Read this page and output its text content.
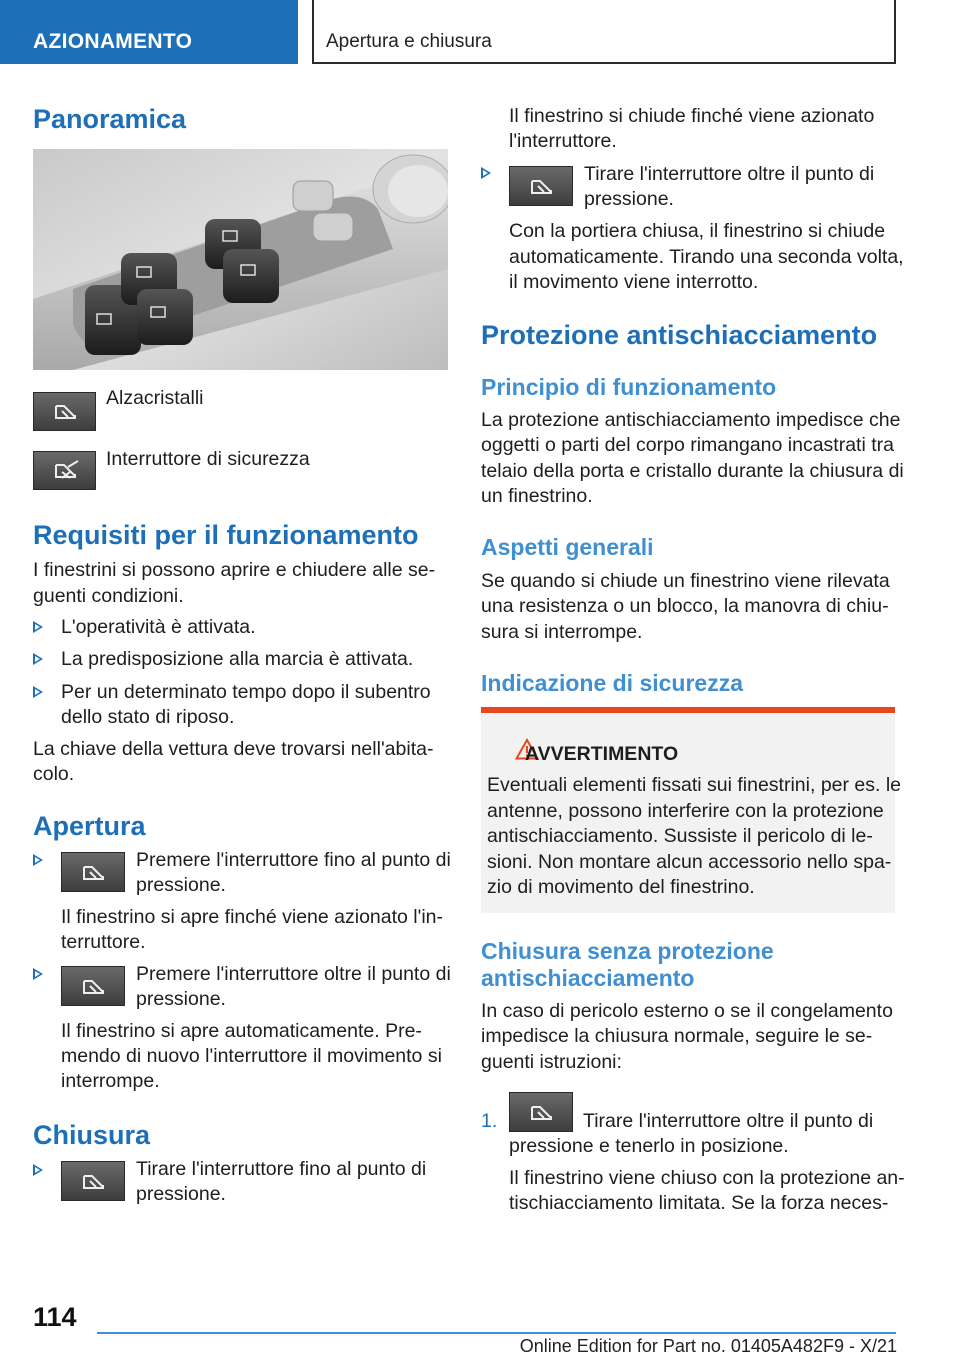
AZIONAMENTO	Apertura e chiusura
Panoramica
Alzacristalli
Interruttore di sicurezza
Requisiti per il funzionamento
I finestrini si possono aprire e chiudere alle se-
guenti condizioni.
L'operatività è attivata.
La predisposizione alla marcia è attivata.
Per un determinato tempo dopo il subentro
dello stato di riposo.
La chiave della vettura deve trovarsi nell'abita-
colo.
Apertura
Premere l'interruttore fino al punto di
pressione.
Il finestrino si apre finché viene azionato l'in-
terruttore.
Premere l'interruttore oltre il punto di
pressione.
Il finestrino si apre automaticamente. Pre-
mendo di nuovo l'interruttore il movimento si
interrompe.
Chiusura
Tirare l'interruttore fino al punto di
pressione.
Il finestrino si chiude finché viene azionato
l'interruttore.
Tirare l'interruttore oltre il punto di
pressione.
Con la portiera chiusa, il finestrino si chiude
automaticamente. Tirando una seconda volta,
il movimento viene interrotto.
Protezione antischiacciamento
Principio di funzionamento
La protezione antischiacciamento impedisce che
oggetti o parti del corpo rimangano incastrati tra
telaio della porta e cristallo durante la chiusura di
un finestrino.
Aspetti generali
Se quando si chiude un finestrino viene rilevata
una resistenza o un blocco, la manovra di chiu-
sura si interrompe.
Indicazione di sicurezza
AVVERTIMENTO
Eventuali elementi fissati sui finestrini, per es. le
antenne, possono interferire con la protezione
antischiacciamento. Sussiste il pericolo di le-
sioni. Non montare alcun accessorio nello spa-
zio di movimento del finestrino.
Chiusura senza protezione
antischiacciamento
In caso di pericolo esterno o se il congelamento
impedisce la chiusura normale, seguire le se-
guenti istruzioni:
1.	Tirare l'interruttore oltre il punto di
pressione e tenerlo in posizione.
Il finestrino viene chiuso con la protezione an-
tischiacciamento limitata. Se la forza neces-
114
Online Edition for Part no. 01405A482F9 - X/21
